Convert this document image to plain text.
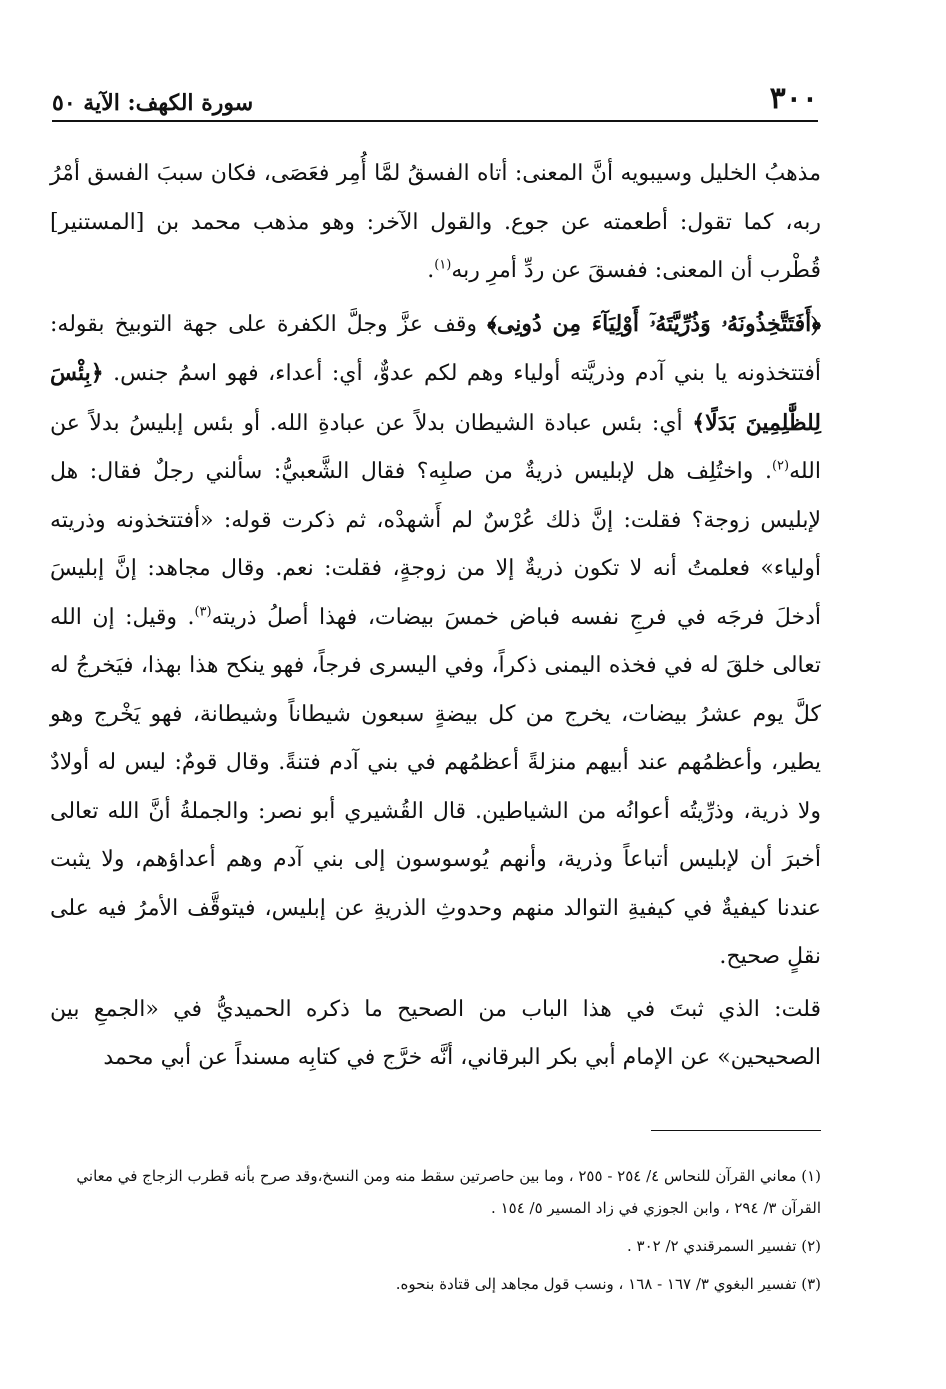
٣٠٠
سورة الكهف: الآية ٥٠

مذهبُ الخليل وسيبويه أنَّ المعنى: أتاه الفسقُ لمَّا أُمِر فعَصَى، فكان سببَ الفسق أمْرُ ربه، كما تقول: أطعمته عن جوع. والقول الآخر: وهو مذهب محمد بن [المستنير] قُطْرب أن المعنى: ففسقَ عن ردِّ أمرِ ربه$^{(١)}$.

﴿أَفَتَتَّخِذُونَهُۥ وَذُرِّيَّتَهُۥٓ أَوْلِيَآءَ مِن دُونِى﴾ وقف عزَّ وجلَّ الكفرة على جهة التوبيخ بقوله: أفتتخذونه يا بني آدم وذريَّته أولياء وهم لكم عدوٌّ، أي: أعداء، فهو اسمُ جنس. ﴿بِئْسَ لِلظَّٰلِمِينَ بَدَلًا﴾ أي: بئس عبادة الشيطان بدلاً عن عبادةِ الله. أو بئس إبليسُ بدلاً عن الله$^{(٢)}$. واختُلِف هل لإبليس ذريةٌ من صلبِه؟ فقال الشَّعبيُّ: سألني رجلٌ فقال: هل لإبليس زوجة؟ فقلت: إنَّ ذلك عُرْسٌ لم أَشهدْه، ثم ذكرت قوله: «أفتتخذونه وذريته أولياء» فعلمتُ أنه لا تكون ذريةٌ إلا من زوجةٍ، فقلت: نعم. وقال مجاهد: إنَّ إبليسَ أدخلَ فرجَه في فرجِ نفسه فباض خمسَ بيضات، فهذا أصلُ ذريته$^{(٣)}$. وقيل: إن الله تعالى خلقَ له في فخذه اليمنى ذكراً، وفي اليسرى فرجاً، فهو ينكح هذا بهذا، فيَخرجُ له كلَّ يوم عشرُ بيضات، يخرج من كل بيضةٍ سبعون شيطاناً وشيطانة، فهو يَخْرج وهو يطير، وأعظمُهم عند أبيهم منزلةً أعظمُهم في بني آدم فتنةً. وقال قومٌ: ليس له أولادٌ ولا ذرية، وذرِّيتُه أعوانُه من الشياطين. قال القُشيري أبو نصر: والجملةُ أنَّ الله تعالى أخبرَ أن لإبليس أتباعاً وذرية، وأنهم يُوسوسون إلى بني آدم وهم أعداؤهم، ولا يثبت عندنا كيفيةٌ في كيفيةِ التوالد منهم وحدوثِ الذريةِ عن إبليس، فيتوقَّف الأمرُ فيه على نقلٍ صحيح.

قلت: الذي ثبتَ في هذا الباب من الصحيح ما ذكره الحميديُّ في «الجمعِ بين الصحيحين» عن الإمام أبي بكر البرقاني، أنَّه خرَّج في كتابِه مسنداً عن أبي محمد

(١) معاني القرآن للنحاس ٤/ ٢٥٤ - ٢٥٥ ، وما بين حاصرتين سقط منه ومن النسخ،وقد صرح بأنه قطرب الزجاج في معاني القرآن ٣/ ٢٩٤ ، وابن الجوزي في زاد المسير ٥/ ١٥٤ .

(٢) تفسير السمرقندي ٢/ ٣٠٢ .

(٣) تفسير البغوي ٣/ ١٦٧ - ١٦٨ ، ونسب قول مجاهد إلى قتادة بنحوه.
